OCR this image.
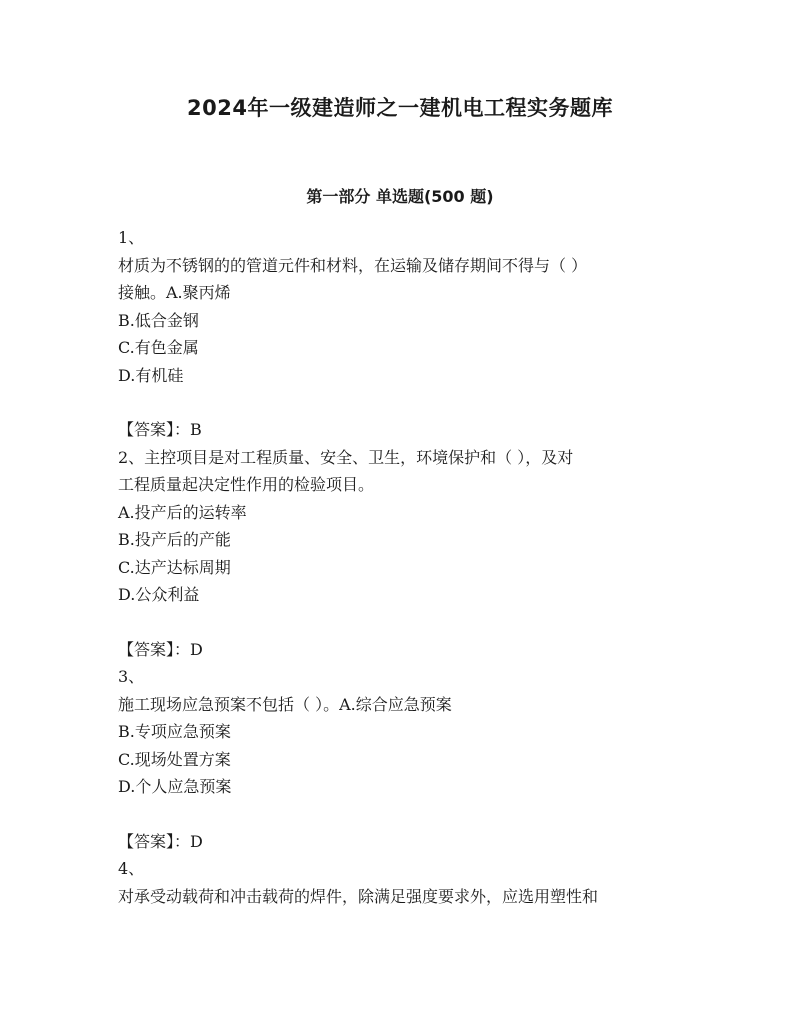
2024年一级建造师之一建机电工程实务题库
第一部分 单选题(500 题)
1、
材质为不锈钢的的管道元件和材料，在运输及储存期间不得与（ ）
接触。A.聚丙烯
B.低合金钢
C.有色金属
D.有机硅
【答案】：B
2、主控项目是对工程质量、安全、卫生，环境保护和（ ），及对
工程质量起决定性作用的检验项目。
A.投产后的运转率
B.投产后的产能
C.达产达标周期
D.公众利益
【答案】：D
3、
施工现场应急预案不包括（ ）。A.综合应急预案
B.专项应急预案
C.现场处置方案
D.个人应急预案
【答案】：D
4、
对承受动载荷和冲击载荷的焊件，除满足强度要求外，应选用塑性和
